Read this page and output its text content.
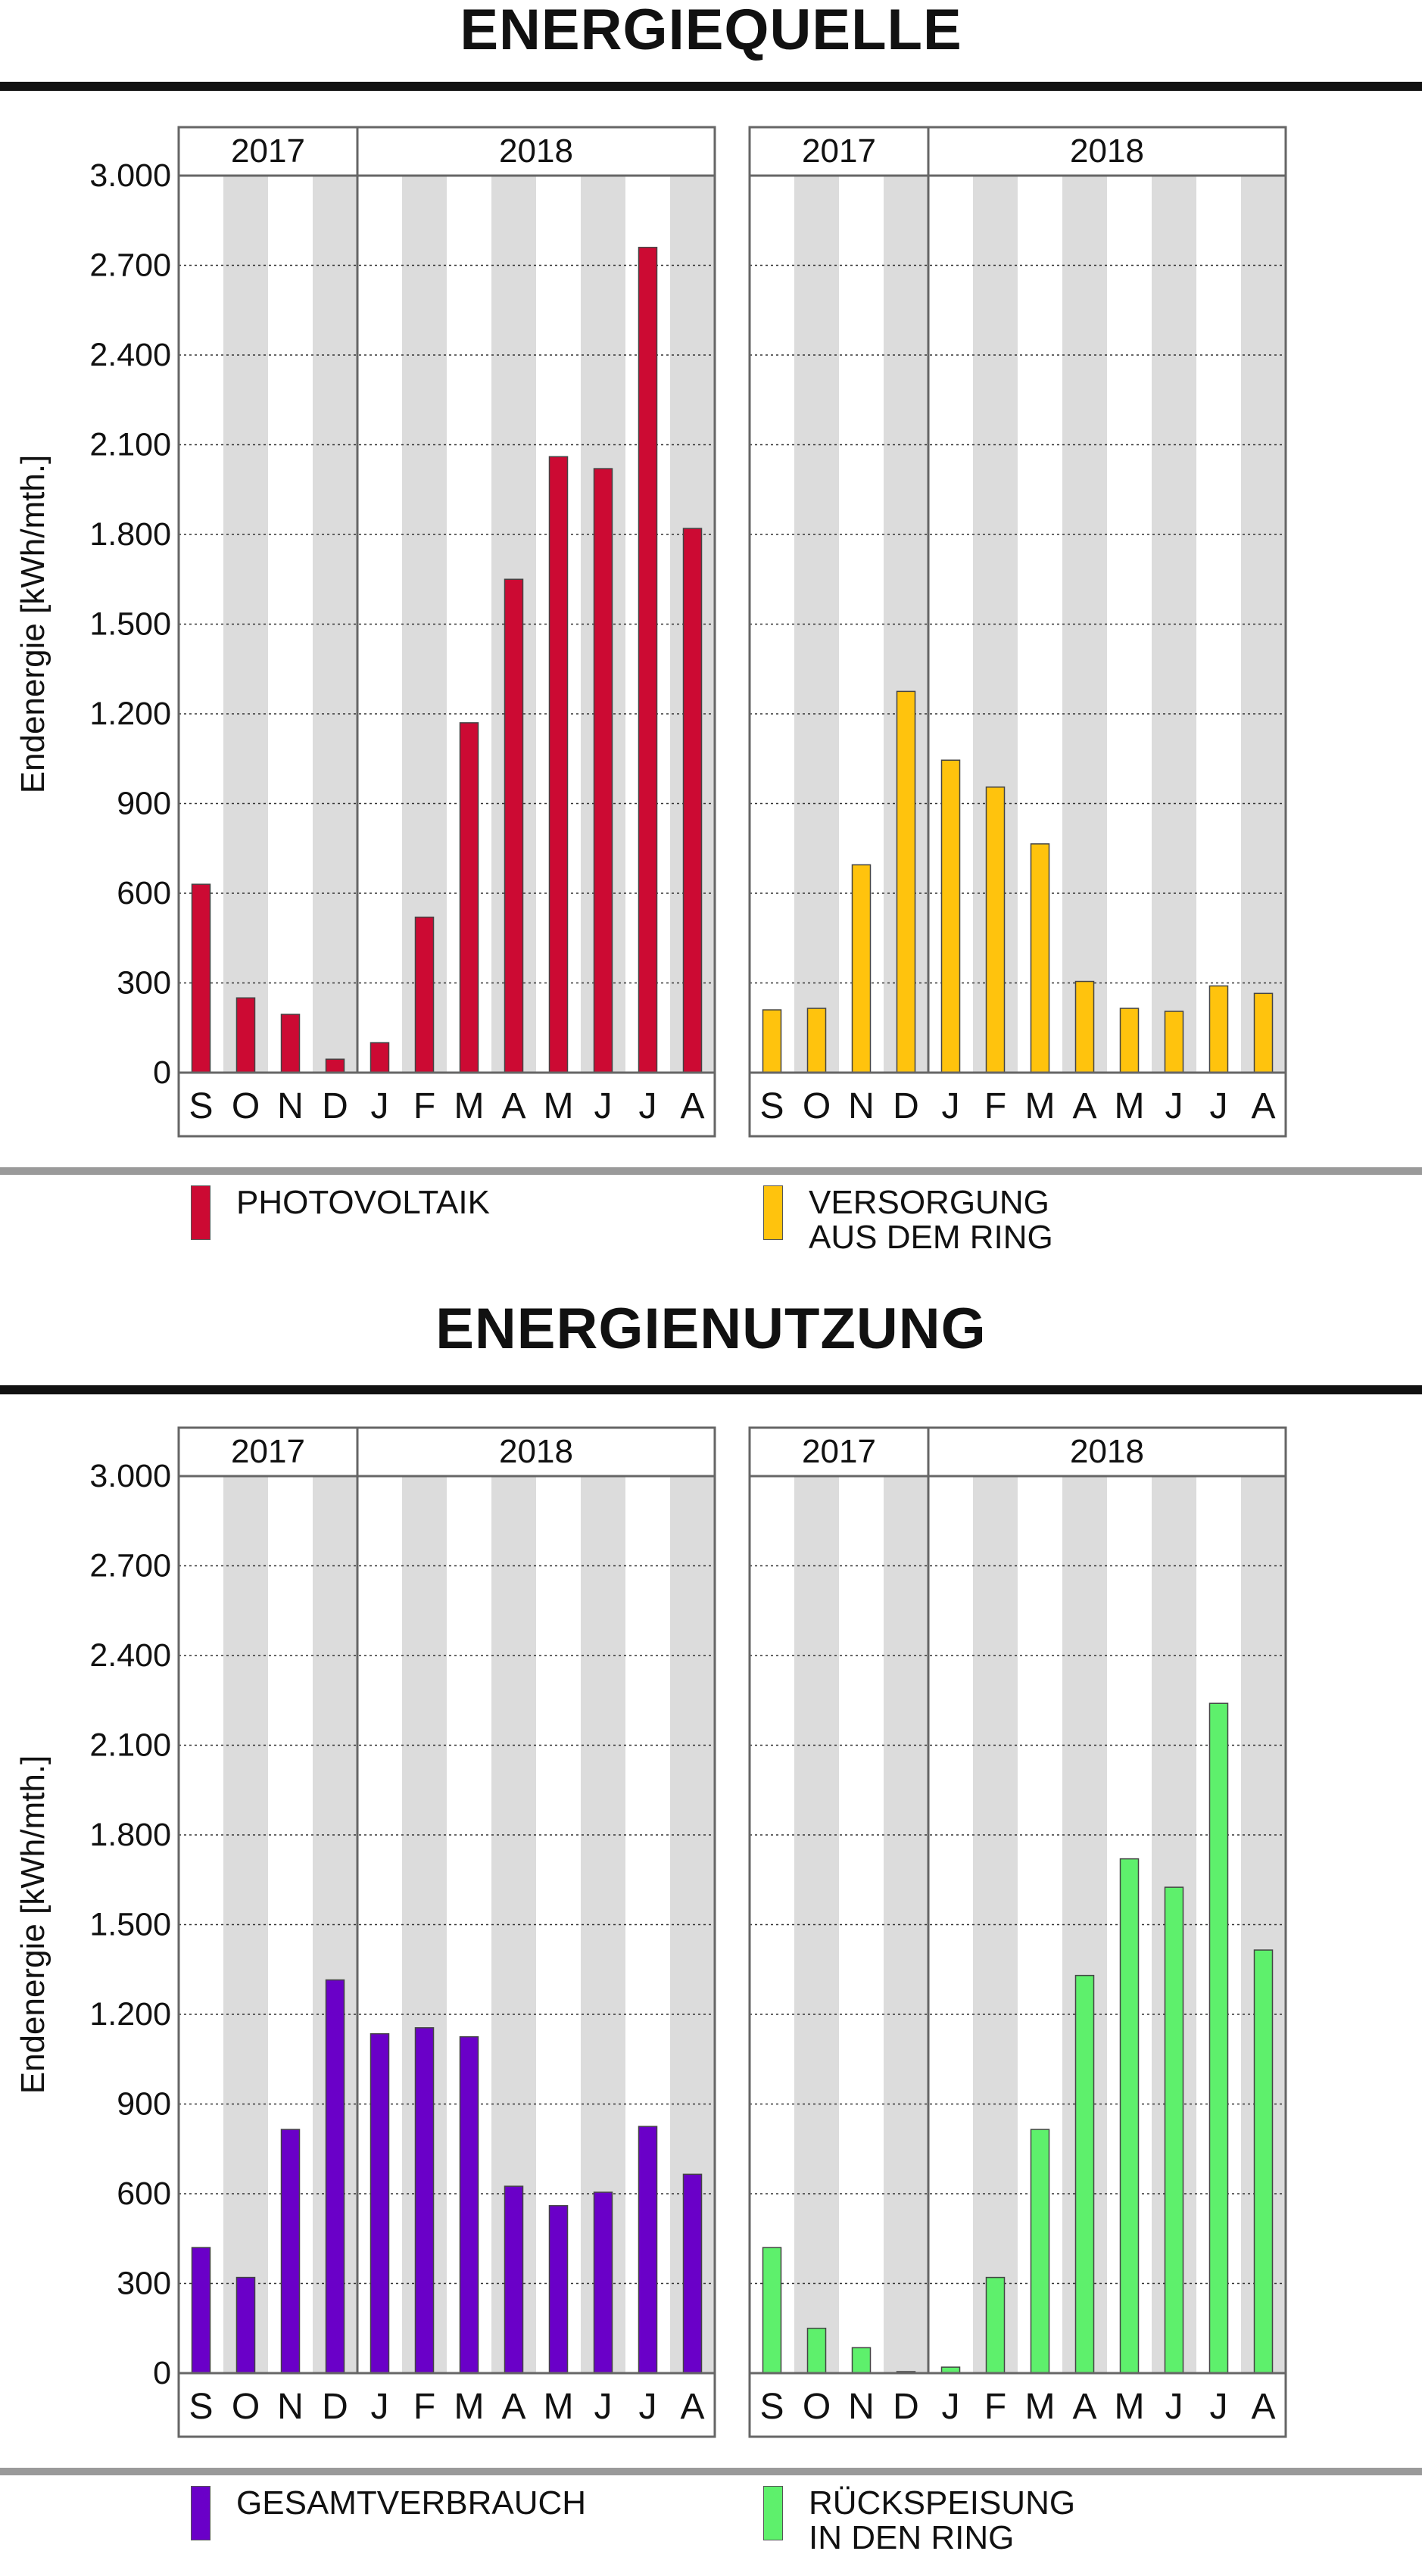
ENERGIEQUELLE
2017	2018
S O N D J F M A M J J A
0
300
600
900
1.200
1.500
1.800
2.100
2.400
2.700
3.000
Endenergie [kWh/mth.]
2017	2018
S O N D J F M A M J J A
PHOTOVOLTAIK	VERSORGUNG
AUS DEM RING
ENERGIENUTZUNG
2017	2018
S O N D J F M A M J J A
0
300
600
900
1.200
1.500
1.800
2.100
2.400
2.700
3.000
Endenergie [kWh/mth.]
2017	2018
S O N D J F M A M J J A
GESAMTVERBRAUCH	RÜCKSPEISUNG
IN DEN RING
